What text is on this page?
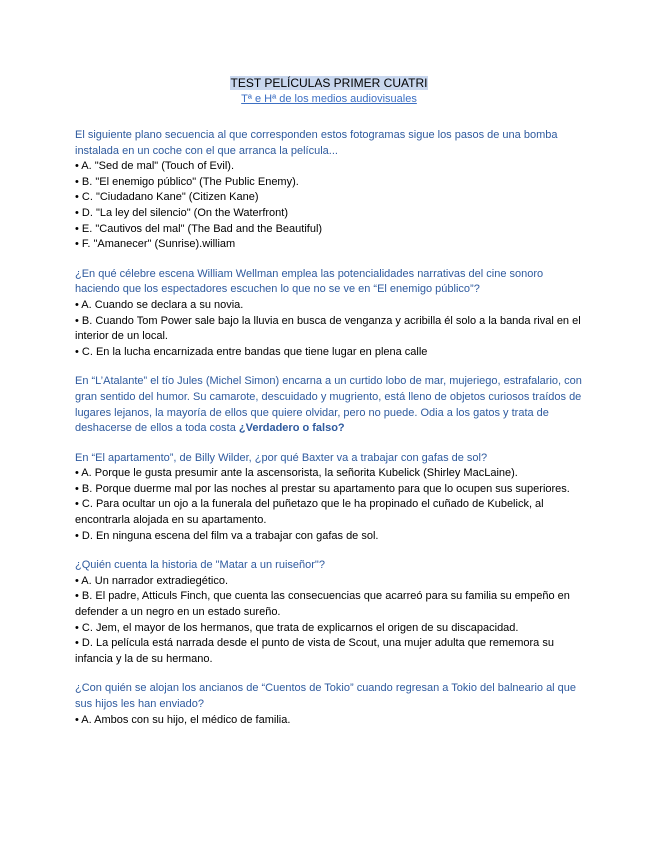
TEST PELÍCULAS PRIMER CUATRI
Tª e Hª de los medios audiovisuales
El siguiente plano secuencia al que corresponden estos fotogramas sigue los pasos de una bomba instalada en un coche con el que arranca la película...
• A. "Sed de mal" (Touch of Evil).
• B. "El enemigo público" (The Public Enemy).
• C. "Ciudadano Kane" (Citizen Kane)
• D. "La ley del silencio" (On the Waterfront)
• E. "Cautivos del mal" (The Bad and the Beautiful)
• F. "Amanecer" (Sunrise).william
¿En qué célebre escena William Wellman emplea las potencialidades narrativas del cine sonoro haciendo que los espectadores escuchen lo que no se ve en “El enemigo público”?
• A. Cuando se declara a su novia.
• B. Cuando Tom Power sale bajo la lluvia en busca de venganza y acribilla él solo a la banda rival en el interior de un local.
• C. En la lucha encarnizada entre bandas que tiene lugar en plena calle
En “L’Atalante” el tío Jules (Michel Simon) encarna a un curtido lobo de mar, mujeriego, estrafalario, con gran sentido del humor. Su camarote, descuidado y mugriento, está lleno de objetos curiosos traídos de lugares lejanos, la mayoría de ellos que quiere olvidar, pero no puede. Odia a los gatos y trata de deshacerse de ellos a toda costa ¿Verdadero o falso?
En “El apartamento”, de Billy Wilder, ¿por qué Baxter va a trabajar con gafas de sol?
• A. Porque le gusta presumir ante la ascensorista, la señorita Kubelick (Shirley MacLaine).
• B. Porque duerme mal por las noches al prestar su apartamento para que lo ocupen sus superiores.
• C. Para ocultar un ojo a la funerala del puñetazo que le ha propinado el cuñado de Kubelick, al encontrarla alojada en su apartamento.
• D. En ninguna escena del film va a trabajar con gafas de sol.
¿Quién cuenta la historia de "Matar a un ruiseñor"?
• A. Un narrador extradiegético.
• B. El padre, Atticuls Finch, que cuenta las consecuencias que acarreó para su familia su empeño en defender a un negro en un estado sureño.
• C. Jem, el mayor de los hermanos, que trata de explicarnos el origen de su discapacidad.
• D. La película está narrada desde el punto de vista de Scout, una mujer adulta que rememora su infancia y la de su hermano.
¿Con quién se alojan los ancianos de “Cuentos de Tokio” cuando regresan a Tokio del balneario al que sus hijos les han enviado?
• A. Ambos con su hijo, el médico de familia.
